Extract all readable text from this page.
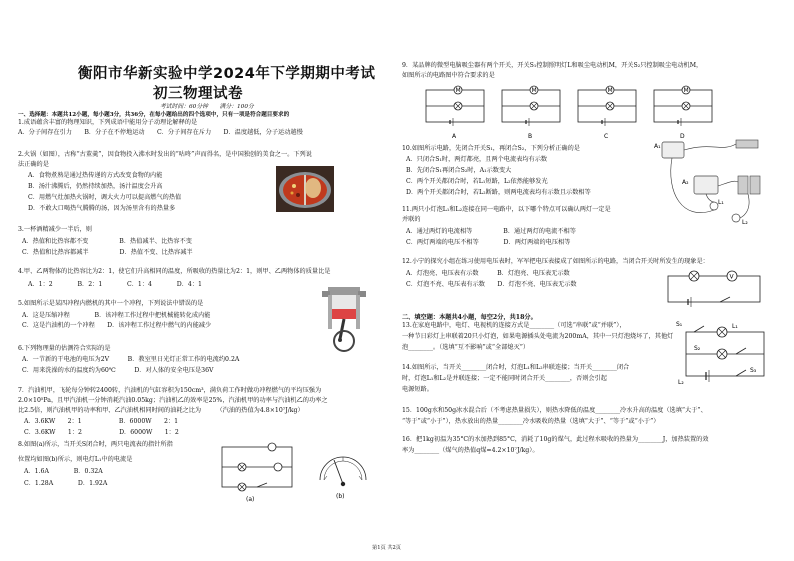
衡阳市华新实验中学2024年下学期期中考试
初三物理试卷
考试时间：60分钟　　满分：100分
一、选择题：本题共12小题，每小题3分，共36分，在每小题给出的四个选项中，只有一项是符合题目要求的
1.成语蕴含丰富的物理知识，下列成语中能用分子动理论解释的是
A．分子间存在引力　　B．分子在不停地运动　　C．分子间存在斥力　　D．温度越低，分子运动越慢
2.火锅（如图），古称“古董羹”，因食物投入沸水时发出的“咕咚”声而得名，是中国独创的美食之一。下列说
法正确的是
A．食物煮熟是通过热传递的方式改变食物的内能
B．汤汁沸腾后，仍然持续加热，汤汁温度会升高
C．用燃气灶加热火锅时，调大火力可以提高燃气的热值
D．不敢大口喝热气腾腾的汤，因为汤里含有的热量多
3.一杯酒精减少一半后，则
A．热值和比热容都不变　　　　　B．热值减半、比热容不变
C．热值和比热容都减半　　　　　D．热值不变、比热容减半
4.甲、乙两物体的比热容比为2：1，使它们升高相同的温度，所吸收的热量比为2：1，则甲、乙两物体的质量比是
A．1：2　　　　B．2：1　　　　C．1：4　　　　D．4：1
5.如图所示是某四冲程内燃机的其中一个冲程，下列说法中错误的是
A．这是压缩冲程　　　　B．该冲程工作过程中把机械能转化成内能
C．这是汽油机的一个冲程　　D．该冲程工作过程中燃气的内能减少
6.下列物理量的估测符合实际的是
A．一节新的干电池的电压为2V　　　B．教室里日光灯正常工作的电流约0.2A
C．用来洗澡的水的温度约为60℃　　　D．对人体的安全电压是36V
7．汽油机甲，飞轮每分钟转2400转，汽油机的气缸容积为150cm³，满负荷工作时做功冲程燃气的平均压强为
2.0×10⁵Pa，且甲汽油机一分钟消耗汽油0.05kg；汽油机乙的效率是25%，汽油机甲的功率与汽油机乙的功率之
比2.5倍，则汽油机甲的功率和甲、乙汽油机相同时间的油耗之比为　　　（汽油的热值为4.8×10⁷J/kg）
A．3.6KW　　2：1　　　　　　B．6000W　　2：1
C．3.6KW　　1：2　　　　　　D．6000W　　1：2
8.如图(a)所示，当开关S闭合时，两只电流表的指针所指
位置均如图(b)所示，则电灯L₁中的电流是
A．1.6A　　　　B．0.32A
C．1.28A　　　　D．1.92A
(a)	(b)
9．某品牌的微型电脑吸尘器有两个开关，开关S₁控制照明灯L和吸尘电动机M，开关S₂只控制吸尘电动机M，
如图所示的电路图中符合要求的是
10.如图所示电路，先闭合开关S₁，再闭合S₂，下列分析正确的是
A．只闭合S₁时，两灯都亮，且两个电流表均有示数
B．先闭合S₁再闭合S₂时，A₁示数变大
C．两个开关都闭合时，若L₁短路，L₂依然能够发光
D．两个开关都闭合时，若L₂断路，则两电流表均有示数且示数相等
11.两只小灯泡L₁和L₂连接在同一电路中，以下哪个特点可以确认两灯一定是
并联的
A．通过两灯的电流相等　　　　　B．通过两灯的电流不相等
C．两灯两端的电压不相等　　　　D．两灯两端的电压相等
12.小宁的探究小组在练习使用电压表时，军军把电压表接成了如图所示的电路，当闭合开关时所发生的现象是：
A．灯泡亮、电压表有示数　　　B．灯泡亮、电压表无示数
C．灯泡不亮、电压表有示数　　D．灯泡不亮、电压表无示数
二、填空题：本题共4小题，每空2分，共18分。
13.在家庭电路中，电灯、电视机的连接方式是________（可选“串联”或“并联”），
一种节日彩灯上串联着20只小灯泡，如果电源插头处电流为200mA，其中一只灯泡烧坏了，其他灯
泡________。（选填“互不影响”或“全部熄灭”）
14.如图所示，当开关________闭合时，灯泡L₁和L₂串联连接；当开关________闭合
时，灯泡L₁和L₂是并联连接；一定不能同时闭合开关________，否则会引起
电源短路。
15．100g水和50g冰水混合后（不考虑热量损失），则热水降低的温度________冷水升高的温度（选填“大于”、
“等于”或“小于”），热水放出的热量________冷水吸收的热量（选填“大于”、“等于”或“小于”）
16．把1kg初温为35°C的水加热到85°C，消耗了10g的煤气，此过程水吸收的热量为________J，加热装置的效
率为________（煤气的热值q煤=4.2×10⁷J/kg）。
M
A
M
B
M
C
M
D
A₁
A₂
L₁
L₂
V
S₁	L₁
S₂
S₃
L₂
第1页 共2页
